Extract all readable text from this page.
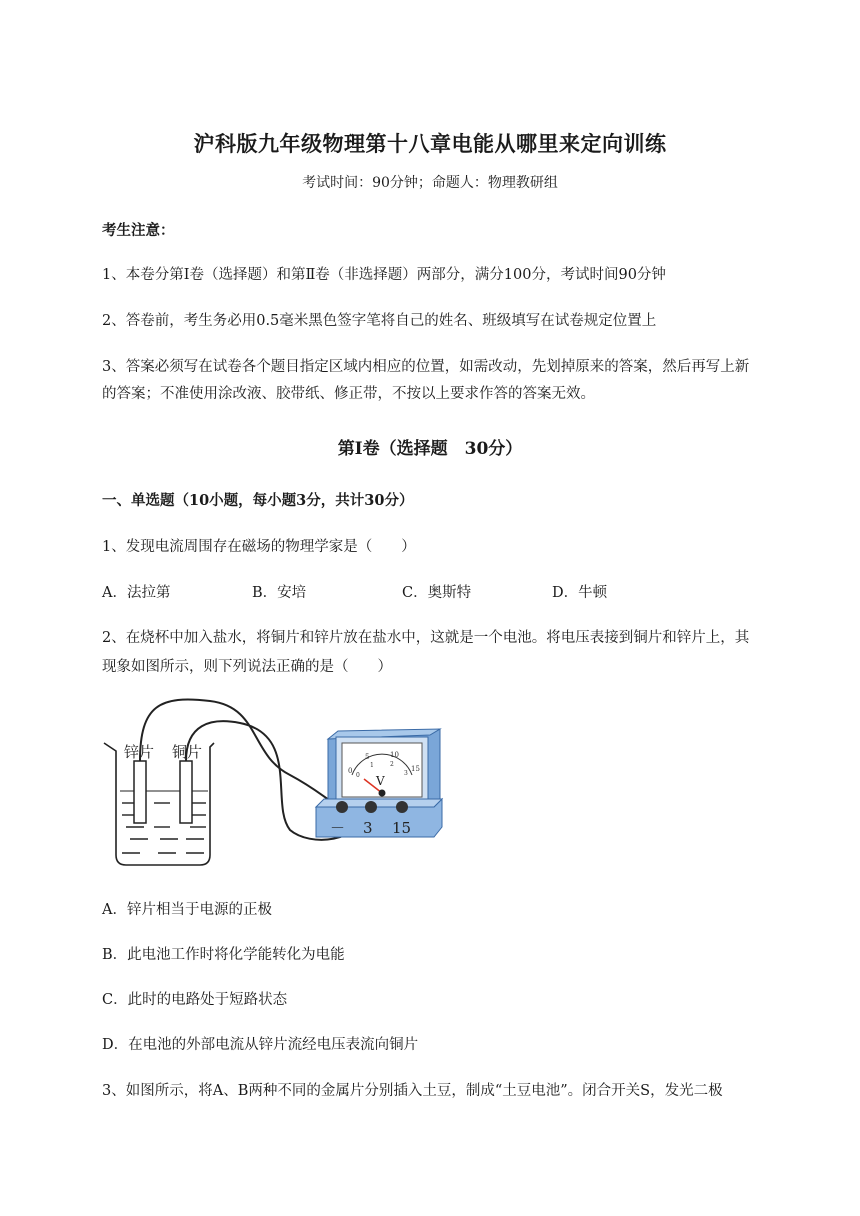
沪科版九年级物理第十八章电能从哪里来定向训练
考试时间：90分钟；命题人：物理教研组
考生注意：
1、本卷分第I卷（选择题）和第Ⅱ卷（非选择题）两部分，满分100分，考试时间90分钟
2、答卷前，考生务必用0.5毫米黑色签字笔将自己的姓名、班级填写在试卷规定位置上
3、答案必须写在试卷各个题目指定区域内相应的位置，如需改动，先划掉原来的答案，然后再写上新
的答案；不准使用涂改液、胶带纸、修正带，不按以上要求作答的答案无效。
第I卷（选择题　30分）
一、单选题（10小题，每小题3分，共计30分）
1、发现电流周围存在磁场的物理学家是（　　）
A．法拉第	B．安培	C．奥斯特	D．牛顿
2、在烧杯中加入盐水，将铜片和锌片放在盐水中，这就是一个电池。将电压表接到铜片和锌片上，其
现象如图所示，则下列说法正确的是（　　）
锌片 铜片
V
0
5	10
15
0
1	2
3
－ 3 15
A．锌片相当于电源的正极
B．此电池工作时将化学能转化为电能
C．此时的电路处于短路状态
D．在电池的外部电流从锌片流经电压表流向铜片
3、如图所示，将A、B两种不同的金属片分别插入土豆，制成“土豆电池”。闭合开关S，发光二极
